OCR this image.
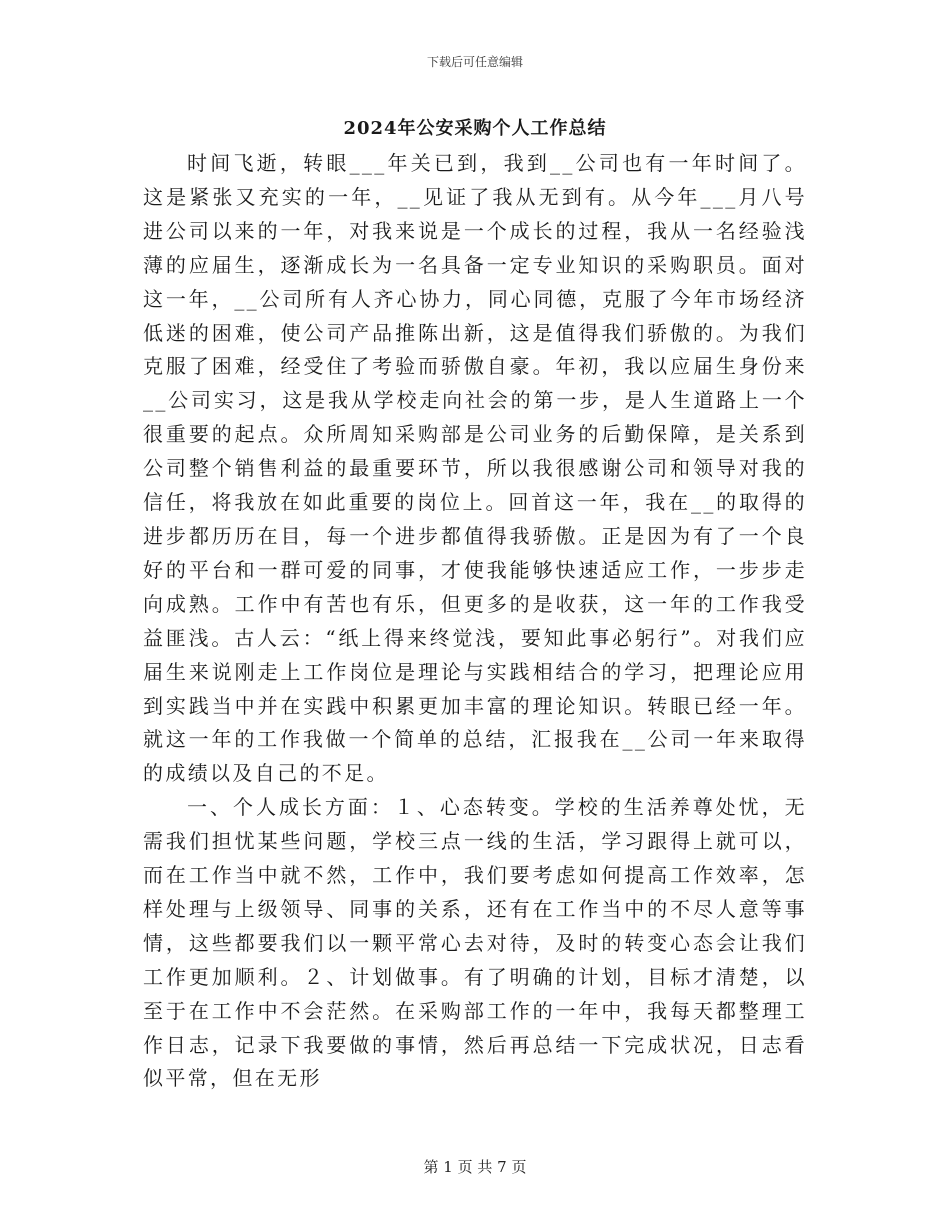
下载后可任意编辑
2024年公安采购个人工作总结

时间飞逝，转眼___年关已到，我到__公司也有一年时间了。这是紧张又充实的一年，__见证了我从无到有。从今年___月八号进公司以来的一年，对我来说是一个成长的过程，我从一名经验浅薄的应届生，逐渐成长为一名具备一定专业知识的采购职员。面对这一年，__公司所有人齐心协力，同心同德，克服了今年市场经济低迷的困难，使公司产品推陈出新，这是值得我们骄傲的。为我们克服了困难，经受住了考验而骄傲自豪。年初，我以应届生身份来__公司实习，这是我从学校走向社会的第一步，是人生道路上一个很重要的起点。众所周知采购部是公司业务的后勤保障，是关系到公司整个销售利益的最重要环节，所以我很感谢公司和领导对我的信任，将我放在如此重要的岗位上。回首这一年，我在__的取得的进步都历历在目，每一个进步都值得我骄傲。正是因为有了一个良好的平台和一群可爱的同事，才使我能够快速适应工作，一步步走向成熟。工作中有苦也有乐，但更多的是收获，这一年的工作我受益匪浅。古人云：“纸上得来终觉浅，要知此事必躬行”。对我们应届生来说刚走上工作岗位是理论与实践相结合的学习，把理论应用到实践当中并在实践中积累更加丰富的理论知识。转眼已经一年。就这一年的工作我做一个简单的总结，汇报我在__公司一年来取得的成绩以及自己的不足。

一、个人成长方面：１、心态转变。学校的生活养尊处忧，无需我们担忧某些问题，学校三点一线的生活，学习跟得上就可以，而在工作当中就不然，工作中，我们要考虑如何提高工作效率，怎样处理与上级领导、同事的关系，还有在工作当中的不尽人意等事情，这些都要我们以一颗平常心去对待，及时的转变心态会让我们工作更加顺利。２、计划做事。有了明确的计划，目标才清楚，以至于在工作中不会茫然。在采购部工作的一年中，我每天都整理工作日志，记录下我要做的事情，然后再总结一下完成状况，日志看似平常，但在无形

第 1 页 共 7 页
